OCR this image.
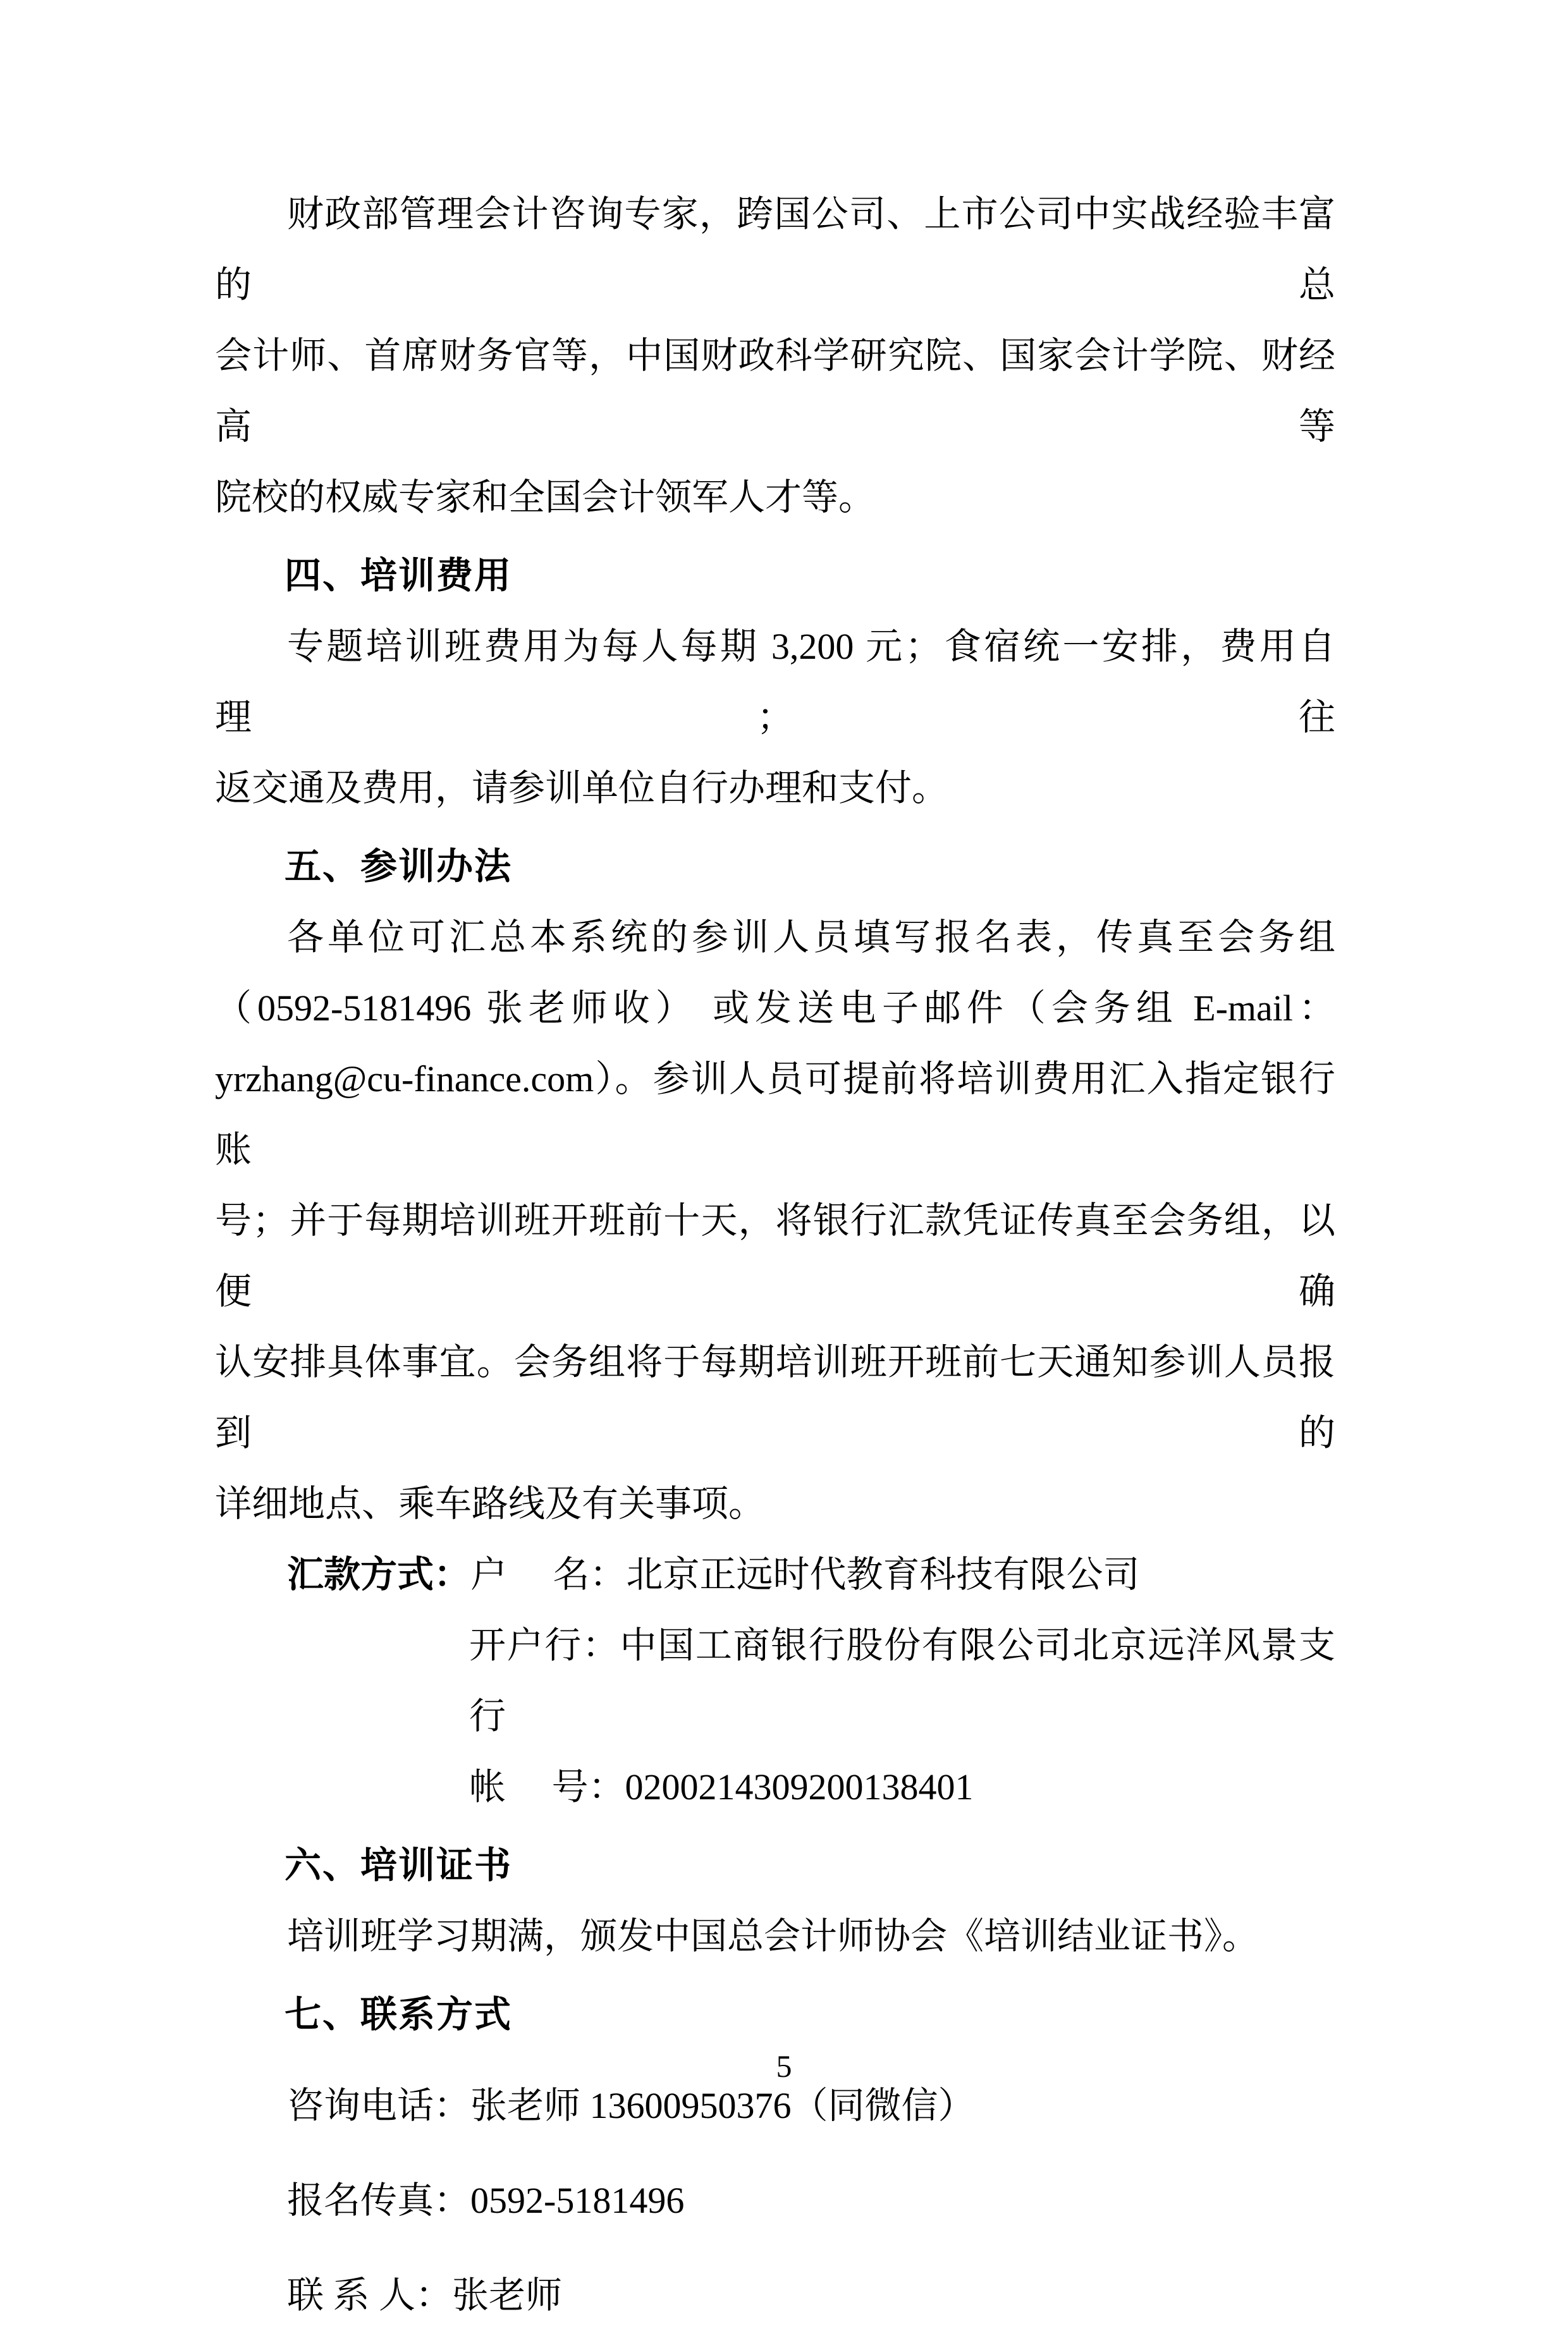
财政部管理会计咨询专家，跨国公司、上市公司中实战经验丰富的总
会计师、首席财务官等，中国财政科学研究院、国家会计学院、财经高等
院校的权威专家和全国会计领军人才等。
四、培训费用
专题培训班费用为每人每期 3,200 元；食宿统一安排，费用自理；往
返交通及费用，请参训单位自行办理和支付。
五、参训办法
各单位可汇总本系统的参训人员填写报名表，传真至会务组
（0592-5181496 张老师收） 或发送电子邮件（会务组 E-mail：
yrzhang@cu-finance.com）。参训人员可提前将培训费用汇入指定银行账
号；并于每期培训班开班前十天，将银行汇款凭证传真至会务组，以便确
认安排具体事宜。会务组将于每期培训班开班前七天通知参训人员报到的
详细地点、乘车路线及有关事项。
汇款方式：户　 名：北京正远时代教育科技有限公司
开户行：中国工商银行股份有限公司北京远洋风景支行
帐　 号：0200214309200138401
六、培训证书
培训班学习期满，颁发中国总会计师协会《培训结业证书》。
七、联系方式
咨询电话：张老师 13600950376（同微信）
报名传真：0592-5181496
联 系 人：张老师
5
